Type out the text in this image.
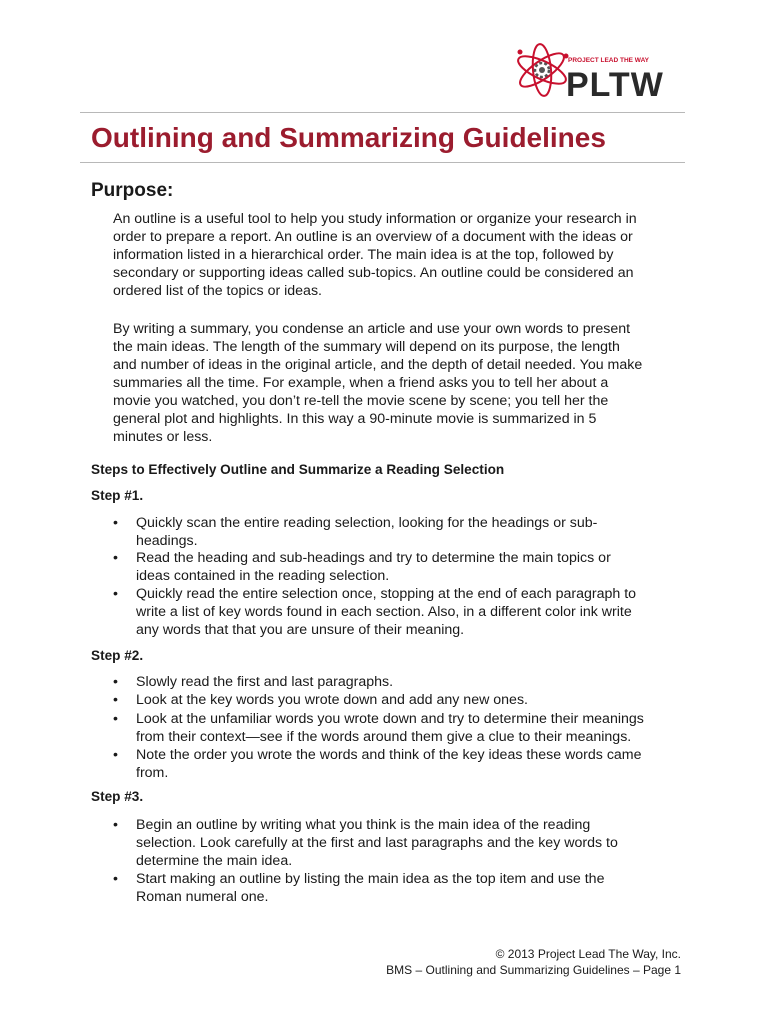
PROJECT LEAD THE WAY
PLTW
Outlining and Summarizing Guidelines
Purpose:
An outline is a useful tool to help you study information or organize your research in
order to prepare a report. An outline is an overview of a document with the ideas or
information listed in a hierarchical order. The main idea is at the top, followed by
secondary or supporting ideas called sub-topics. An outline could be considered an
ordered list of the topics or ideas.
By writing a summary, you condense an article and use your own words to present
the main ideas. The length of the summary will depend on its purpose, the length
and number of ideas in the original article, and the depth of detail needed. You make
summaries all the time. For example, when a friend asks you to tell her about a
movie you watched, you don’t re-tell the movie scene by scene; you tell her the
general plot and highlights. In this way a 90-minute movie is summarized in 5
minutes or less.
Steps to Effectively Outline and Summarize a Reading Selection
Step #1.
•	Quickly scan the entire reading selection, looking for the headings or sub-
headings.
•	Read the heading and sub-headings and try to determine the main topics or
ideas contained in the reading selection.
•	Quickly read the entire selection once, stopping at the end of each paragraph to
write a list of key words found in each section. Also, in a different color ink write
any words that that you are unsure of their meaning.
Step #2.
•	Slowly read the first and last paragraphs.
•	Look at the key words you wrote down and add any new ones.
•	Look at the unfamiliar words you wrote down and try to determine their meanings
from their context—see if the words around them give a clue to their meanings.
•	Note the order you wrote the words and think of the key ideas these words came
from.
Step #3.
•	Begin an outline by writing what you think is the main idea of the reading
selection. Look carefully at the first and last paragraphs and the key words to
determine the main idea.
•	Start making an outline by listing the main idea as the top item and use the
Roman numeral one.
© 2013 Project Lead The Way, Inc.
BMS – Outlining and Summarizing Guidelines – Page 1
